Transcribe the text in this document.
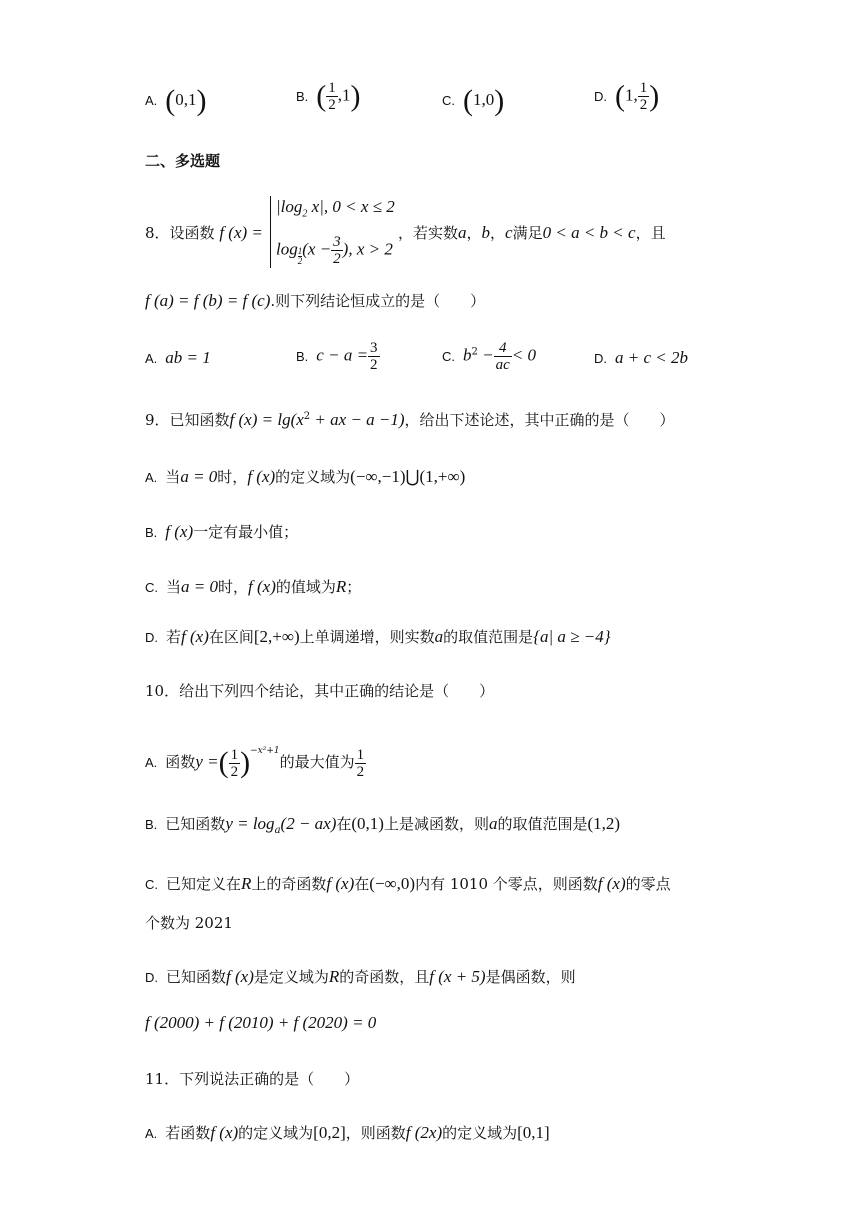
A. (0,1)	B. ( $\frac{1}{2} ,1$)	C. (1,0)	D. (1, $\frac{1}{2}$ )
二、多选题
8．设函数 f (x) =
$|\log_2$ x|, 0 < x ≤ 2
log $_{\frac{1}{2}}$ ($x - \frac{3}{2}$ ), x > 2
，若实数a，b，c满足0 < a < b < c，且
f (a) = f (b) = f (c).则下列结论恒成立的是（　　）
A. ab = 1	B. $c - a = \frac{3}{2}$	C. $b^2 - \frac{4}{ac} < 0$	D. a + c < 2b
9．已知函数f $(x) = \lg(x^2$ + ax − a −1)，给出下述论述，其中正确的是（　　）
A. 当a = 0时，f (x)的定义域为(−∞,−1)⋃(1,+∞)
B. f (x)一定有最小值；
C. 当a = 0时，f (x)的值域为R；
D. 若f (x)在区间[2,+∞)上单调递增，则实数a的取值范围是{a| a ≥ −4}
10．给出下列四个结论，其中正确的结论是（　　）
A. 函数y =( $\frac{1}{2} )^{-x^2+1}$的最大值为 $\frac{1}{2}$
B. 已知函数$y = \log_a(2 - ax)$在(0,1)上是减函数，则a的取值范围是(1,2)
C. 已知定义在R上的奇函数f (x)在(−∞,0)内有 1010 个零点，则函数f (x)的零点
个数为 2021
D. 已知函数f (x)是定义域为R的奇函数，且f (x + 5)是偶函数，则
f (2000) + f (2010) + f (2020) = 0
11．下列说法正确的是（　　）
A. 若函数f (x)的定义域为[0,2]，则函数f (2x)的定义域为[0,1]
